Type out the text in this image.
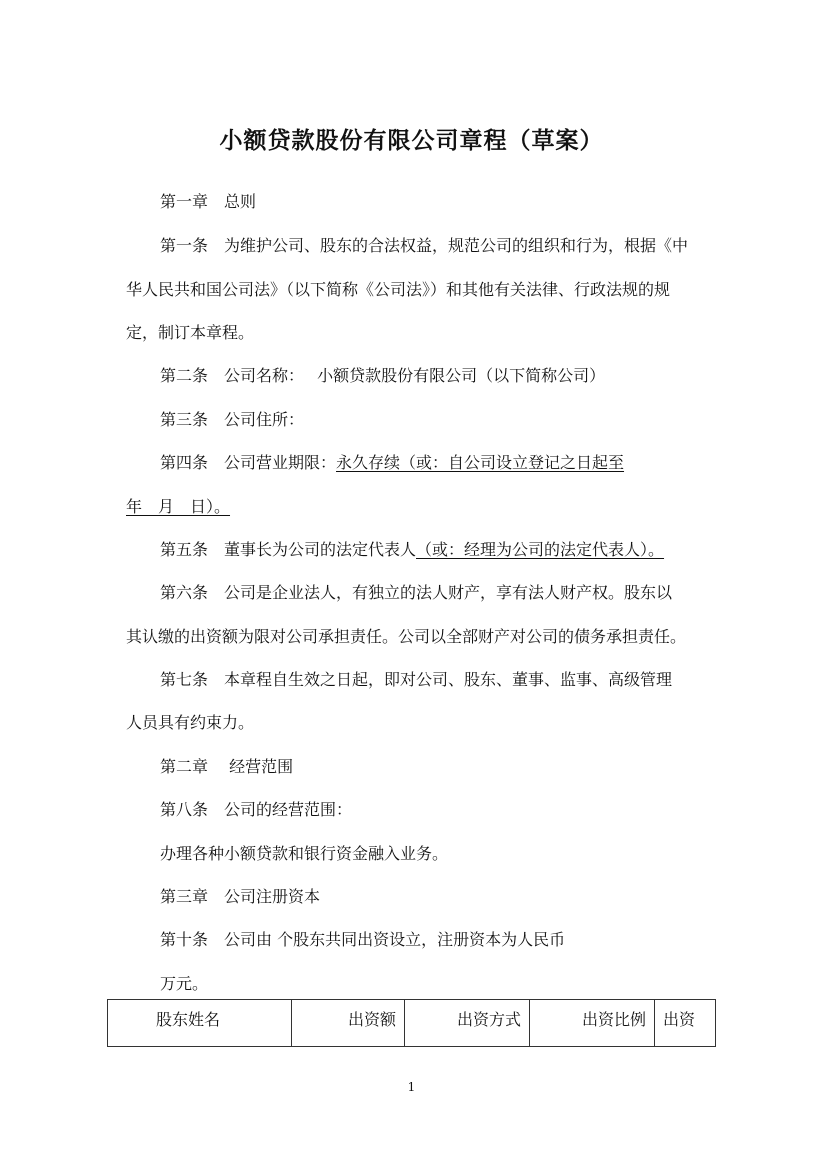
小额贷款股份有限公司章程（草案）
第一章　总则
第一条　为维护公司、股东的合法权益，规范公司的组织和行为，根据《中
华人民共和国公司法》（以下简称《公司法》）和其他有关法律、行政法规的规
定，制订本章程。
第二条　公司名称：　 小额贷款股份有限公司（以下简称公司）
第三条　公司住所：
第四条　公司营业期限：永久存续（或：自公司设立登记之日起至
年　月　日）。
第五条　董事长为公司的法定代表人（或：经理为公司的法定代表人）。
第六条　公司是企业法人，有独立的法人财产，享有法人财产权。股东以
其认缴的出资额为限对公司承担责任。公司以全部财产对公司的债务承担责任。
第七条　本章程自生效之日起，即对公司、股东、董事、监事、高级管理
人员具有约束力。
第二章　 经营范围
第八条　公司的经营范围：
办理各种小额贷款和银行资金融入业务。
第三章　公司注册资本
第十条　公司由 个股东共同出资设立，注册资本为人民币
万元。
股东姓名	出资额	出资方式	出资比例	出资
1
